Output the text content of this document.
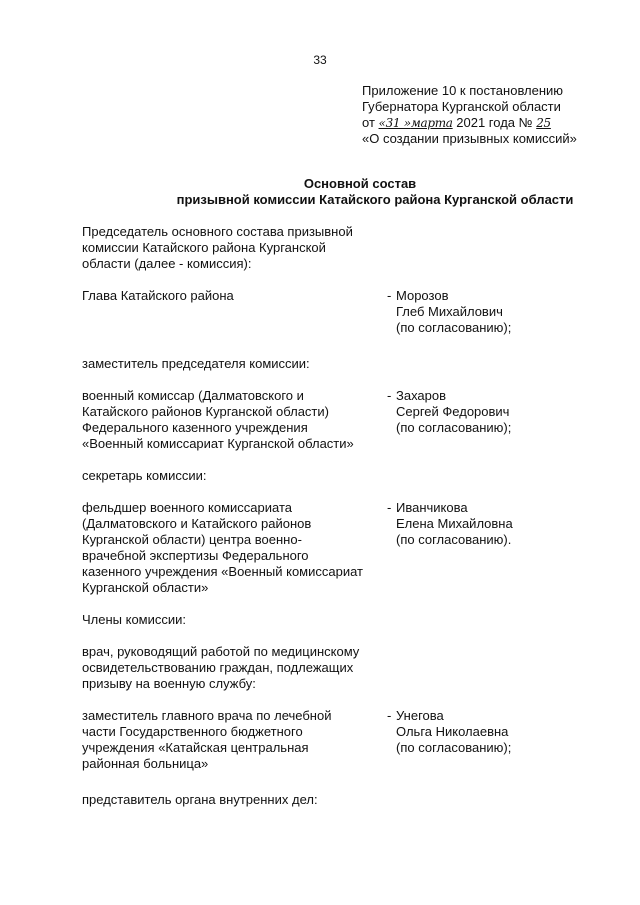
33
Приложение 10 к постановлению
Губернатора Курганской области
от «31 »марта 2021 года № 25
«О создании призывных комиссий»
Основной состав
призывной комиссии Катайского района Курганской области
Председатель основного состава призывной
комиссии Катайского района Курганской
области (далее - комиссия):
Глава Катайского района	- Морозов
Глеб Михайлович
(по согласованию);
заместитель председателя комиссии:
военный комиссар (Далматовского и
Катайского районов Курганской области)
Федерального казенного учреждения
«Военный комиссариат Курганской области»
- Захаров
Сергей Федорович
(по согласованию);
секретарь комиссии:
фельдшер военного комиссариата
(Далматовского и Катайского районов
Курганской области) центра военно-
врачебной экспертизы Федерального
казенного учреждения «Военный комиссариат
Курганской области»
- Иванчикова
Елена Михайловна
(по согласованию).
Члены комиссии:
врач, руководящий работой по медицинскому
освидетельствованию граждан, подлежащих
призыву на военную службу:
заместитель главного врача по лечебной
части Государственного бюджетного
учреждения «Катайская центральная
районная больница»
- Унегова
Ольга Николаевна
(по согласованию);
представитель органа внутренних дел:
